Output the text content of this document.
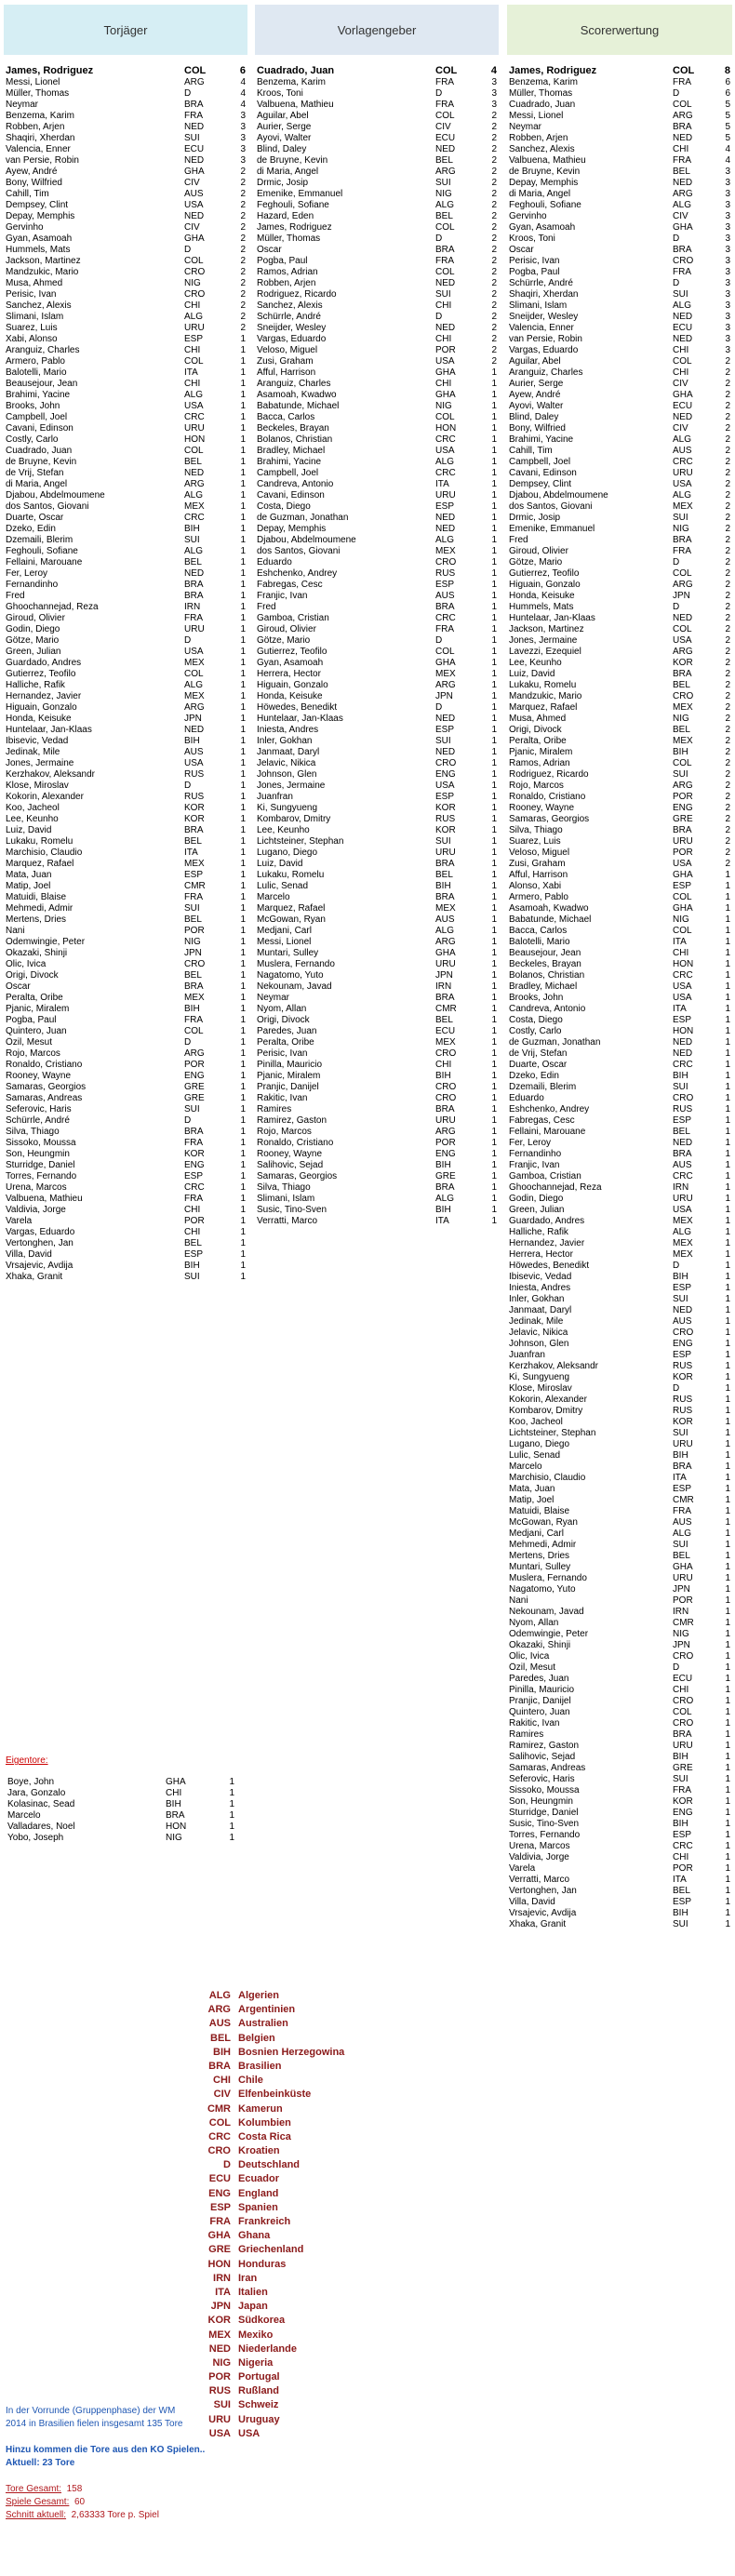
Torjäger
James, Rodriguez	COL	6
Messi, Lionel	ARG	4
Müller, Thomas	D	4
Neymar	BRA	4
Benzema, Karim	FRA	3
Robben, Arjen	NED	3
Shaqiri, Xherdan	SUI	3
Valencia, Enner	ECU	3
van Persie, Robin	NED	3
Ayew, André	GHA	2
Bony, Wilfried	CIV	2
Cahill, Tim	AUS	2
Dempsey, Clint	USA	2
Depay, Memphis	NED	2
Gervinho	CIV	2
Gyan, Asamoah	GHA	2
Hummels, Mats	D	2
Jackson, Martinez	COL	2
Mandzukic, Mario	CRO	2
Musa, Ahmed	NIG	2
Perisic, Ivan	CRO	2
Sanchez, Alexis	CHI	2
Slimani, Islam	ALG	2
Suarez, Luis	URU	2
Xabi, Alonso	ESP	1
Aranguiz, Charles	CHI	1
Armero, Pablo	COL	1
Balotelli, Mario	ITA	1
Beausejour, Jean	CHI	1
Brahimi, Yacine	ALG	1
Brooks, John	USA	1
Campbell, Joel	CRC	1
Cavani, Edinson	URU	1
Costly, Carlo	HON	1
Cuadrado, Juan	COL	1
de Bruyne, Kevin	BEL	1
de Vrij, Stefan	NED	1
di Maria, Angel	ARG	1
Djabou, Abdelmoumene	ALG	1
dos Santos, Giovani	MEX	1
Duarte, Oscar	CRC	1
Dzeko, Edin	BIH	1
Dzemaili, Blerim	SUI	1
Feghouli, Sofiane	ALG	1
Fellaini, Marouane	BEL	1
Fer, Leroy	NED	1
Fernandinho	BRA	1
Fred	BRA	1
Ghoochannejad, Reza	IRN	1
Giroud, Olivier	FRA	1
Godin, Diego	URU	1
Götze, Mario	D	1
Green, Julian	USA	1
Guardado, Andres	MEX	1
Gutierrez, Teofilo	COL	1
Halliche, Rafik	ALG	1
Hernandez, Javier	MEX	1
Higuain, Gonzalo	ARG	1
Honda, Keisuke	JPN	1
Huntelaar, Jan-Klaas	NED	1
Ibisevic, Vedad	BIH	1
Jedinak, Mile	AUS	1
Jones, Jermaine	USA	1
Kerzhakov, Aleksandr	RUS	1
Klose, Miroslav	D	1
Kokorin, Alexander	RUS	1
Koo, Jacheol	KOR	1
Lee, Keunho	KOR	1
Luiz, David	BRA	1
Lukaku, Romelu	BEL	1
Marchisio, Claudio	ITA	1
Marquez, Rafael	MEX	1
Mata, Juan	ESP	1
Matip, Joel	CMR	1
Matuidi, Blaise	FRA	1
Mehmedi, Admir	SUI	1
Mertens, Dries	BEL	1
Nani	POR	1
Odemwingie, Peter	NIG	1
Okazaki, Shinji	JPN	1
Olic, Ivica	CRO	1
Origi, Divock	BEL	1
Oscar	BRA	1
Peralta, Oribe	MEX	1
Pjanic, Miralem	BIH	1
Pogba, Paul	FRA	1
Quintero, Juan	COL	1
Özil, Mesut	D	1
Rojo, Marcos	ARG	1
Ronaldo, Cristiano	POR	1
Rooney, Wayne	ENG	1
Samaras, Georgios	GRE	1
Samaras, Andreas	GRE	1
Seferovic, Haris	SUI	1
Schürrle, André	D	1
Silva, Thiago	BRA	1
Sissoko, Moussa	FRA	1
Son, Heungmin	KOR	1
Sturridge, Daniel	ENG	1
Torres, Fernando	ESP	1
Urena, Marcos	CRC	1
Valbuena, Mathieu	FRA	1
Valdivia, Jorge	CHI	1
Varela	POR	1
Vargas, Eduardo	CHI	1
Vertonghen, Jan	BEL	1
Villa, David	ESP	1
Vrsajevic, Avdija	BIH	1
Xhaka, Granit	SUI	1
Vorlagengeber
Cuadrado, Juan	COL	4
Benzema, Karim	FRA	3
Kroos, Toni	D	3
Valbuena, Mathieu	FRA	3
Aguilar, Abel	COL	2
Aurier, Serge	CIV	2
Ayovi, Walter	ECU	2
Blind, Daley	NED	2
de Bruyne, Kevin	BEL	2
di Maria, Angel	ARG	2
Drmic, Josip	SUI	2
Emenike, Emmanuel	NIG	2
Feghouli, Sofiane	ALG	2
Hazard, Eden	BEL	2
James, Rodriguez	COL	2
Müller, Thomas	D	2
Oscar	BRA	2
Pogba, Paul	FRA	2
Ramos, Adrian	COL	2
Robben, Arjen	NED	2
Rodriguez, Ricardo	SUI	2
Sanchez, Alexis	CHI	2
Schürrle, André	D	2
Sneijder, Wesley	NED	2
Vargas, Eduardo	CHI	2
Veloso, Miguel	POR	2
Zusi, Graham	USA	2
Afful, Harrison	GHA	1
Aranguiz, Charles	CHI	1
Asamoah, Kwadwo	GHA	1
Babatunde, Michael	NIG	1
Bacca, Carlos	COL	1
Beckeles, Brayan	HON	1
Bolanos, Christian	CRC	1
Bradley, Michael	USA	1
Brahimi, Yacine	ALG	1
Campbell, Joel	CRC	1
Candreva, Antonio	ITA	1
Cavani, Edinson	URU	1
Costa, Diego	ESP	1
de Guzman, Jonathan	NED	1
Depay, Memphis	NED	1
Djabou, Abdelmoumene	ALG	1
dos Santos, Giovani	MEX	1
Eduardo	CRO	1
Eshchenko, Andrey	RUS	1
Fabregas, Cesc	ESP	1
Franjic, Ivan	AUS	1
Fred	BRA	1
Gamboa, Cristian	CRC	1
Giroud, Olivier	FRA	1
Götze, Mario	D	1
Gutierrez, Teofilo	COL	1
Gyan, Asamoah	GHA	1
Herrera, Hector	MEX	1
Higuain, Gonzalo	ARG	1
Honda, Keisuke	JPN	1
Höwedes, Benedikt	D	1
Huntelaar, Jan-Klaas	NED	1
Iniesta, Andres	ESP	1
Inler, Gokhan	SUI	1
Janmaat, Daryl	NED	1
Jelavic, Nikica	CRO	1
Johnson, Glen	ENG	1
Jones, Jermaine	USA	1
Juanfran	ESP	1
Ki, Sungyueng	KOR	1
Kombarov, Dmitry	RUS	1
Lee, Keunho	KOR	1
Lichtsteiner, Stephan	SUI	1
Lugano, Diego	URU	1
Luiz, David	BRA	1
Lukaku, Romelu	BEL	1
Lulic, Senad	BIH	1
Marcelo	BRA	1
Marquez, Rafael	MEX	1
McGowan, Ryan	AUS	1
Medjani, Carl	ALG	1
Messi, Lionel	ARG	1
Muntari, Sulley	GHA	1
Muslera, Fernando	URU	1
Nagatomo, Yuto	JPN	1
Nekounam, Javad	IRN	1
Neymar	BRA	1
Nyom, Allan	CMR	1
Origi, Divock	BEL	1
Paredes, Juan	ECU	1
Peralta, Oribe	MEX	1
Perisic, Ivan	CRO	1
Pinilla, Mauricio	CHI	1
Pjanic, Miralem	BIH	1
Pranjic, Danijel	CRO	1
Rakitic, Ivan	CRO	1
Ramires	BRA	1
Ramirez, Gaston	URU	1
Rojo, Marcos	ARG	1
Ronaldo, Cristiano	POR	1
Rooney, Wayne	ENG	1
Salihovic, Sejad	BIH	1
Samaras, Georgios	GRE	1
Silva, Thiago	BRA	1
Slimani, Islam	ALG	1
Susic, Tino-Sven	BIH	1
Verratti, Marco	ITA	1
Scorerwertung
James, Rodriguez	COL	8
Benzema, Karim	FRA	6
Müller, Thomas	D	6
Cuadrado, Juan	COL	5
Messi, Lionel	ARG	5
Neymar	BRA	5
Robben, Arjen	NED	5
Sanchez, Alexis	CHI	4
Valbuena, Mathieu	FRA	4
de Bruyne, Kevin	BEL	3
Depay, Memphis	NED	3
di Maria, Angel	ARG	3
Feghouli, Sofiane	ALG	3
Gervinho	CIV	3
Gyan, Asamoah	GHA	3
Kroos, Toni	D	3
Oscar	BRA	3
Perisic, Ivan	CRO	3
Pogba, Paul	FRA	3
Schürrle, André	D	3
Shaqiri, Xherdan	SUI	3
Slimani, Islam	ALG	3
Sneijder, Wesley	NED	3
Valencia, Enner	ECU	3
van Persie, Robin	NED	3
Vargas, Eduardo	CHI	3
Aguilar, Abel	COL	2
Aranguiz, Charles	CHI	2
Aurier, Serge	CIV	2
Ayew, André	GHA	2
Ayovi, Walter	ECU	2
Blind, Daley	NED	2
Bony, Wilfried	CIV	2
Brahimi, Yacine	ALG	2
Cahill, Tim	AUS	2
Campbell, Joel	CRC	2
Cavani, Edinson	URU	2
Dempsey, Clint	USA	2
Djabou, Abdelmoumene	ALG	2
dos Santos, Giovani	MEX	2
Drmic, Josip	SUI	2
Emenike, Emmanuel	NIG	2
Fred	BRA	2
Giroud, Olivier	FRA	2
Götze, Mario	D	2
Gutierrez, Teofilo	COL	2
Higuain, Gonzalo	ARG	2
Honda, Keisuke	JPN	2
Hummels, Mats	D	2
Huntelaar, Jan-Klaas	NED	2
Jackson, Martinez	COL	2
Jones, Jermaine	USA	2
Lavezzi, Ezequiel	ARG	2
Lee, Keunho	KOR	2
Luiz, David	BRA	2
Lukaku, Romelu	BEL	2
Mandzukic, Mario	CRO	2
Marquez, Rafael	MEX	2
Musa, Ahmed	NIG	2
Origi, Divock	BEL	2
Peralta, Oribe	MEX	2
Pjanic, Miralem	BIH	2
Ramos, Adrian	COL	2
Rodriguez, Ricardo	SUI	2
Rojo, Marcos	ARG	2
Ronaldo, Cristiano	POR	2
Rooney, Wayne	ENG	2
Samaras, Georgios	GRE	2
Silva, Thiago	BRA	2
Suarez, Luis	URU	2
Veloso, Miguel	POR	2
Zusi, Graham	USA	2
Afful, Harrison	GHA	1
Alonso, Xabi	ESP	1
Armero, Pablo	COL	1
Asamoah, Kwadwo	GHA	1
Babatunde, Michael	NIG	1
Bacca, Carlos	COL	1
Balotelli, Mario	ITA	1
Beausejour, Jean	CHI	1
Beckeles, Brayan	HON	1
Bolanos, Christian	CRC	1
Bradley, Michael	USA	1
Brooks, John	USA	1
Candreva, Antonio	ITA	1
Costa, Diego	ESP	1
Costly, Carlo	HON	1
de Guzman, Jonathan	NED	1
de Vrij, Stefan	NED	1
Duarte, Oscar	CRC	1
Dzeko, Edin	BIH	1
Dzemaili, Blerim	SUI	1
Eduardo	CRO	1
Eshchenko, Andrey	RUS	1
Fabregas, Cesc	ESP	1
Fellaini, Marouane	BEL	1
Fer, Leroy	NED	1
Fernandinho	BRA	1
Franjic, Ivan	AUS	1
Gamboa, Cristian	CRC	1
Ghoochannejad, Reza	IRN	1
Godin, Diego	URU	1
Green, Julian	USA	1
Guardado, Andres	MEX	1
Halliche, Rafik	ALG	1
Hernandez, Javier	MEX	1
Herrera, Hector	MEX	1
Höwedes, Benedikt	D	1
Ibisevic, Vedad	BIH	1
Iniesta, Andres	ESP	1
Inler, Gokhan	SUI	1
Janmaat, Daryl	NED	1
Jedinak, Mile	AUS	1
Jelavic, Nikica	CRO	1
Johnson, Glen	ENG	1
Juanfran	ESP	1
Kerzhakov, Aleksandr	RUS	1
Ki, Sungyueng	KOR	1
Klose, Miroslav	D	1
Kokorin, Alexander	RUS	1
Kombarov, Dmitry	RUS	1
Koo, Jacheol	KOR	1
Lichtsteiner, Stephan	SUI	1
Lugano, Diego	URU	1
Lulic, Senad	BIH	1
Marcelo	BRA	1
Marchisio, Claudio	ITA	1
Mata, Juan	ESP	1
Matip, Joel	CMR	1
Matuidi, Blaise	FRA	1
McGowan, Ryan	AUS	1
Medjani, Carl	ALG	1
Mehmedi, Admir	SUI	1
Mertens, Dries	BEL	1
Muntari, Sulley	GHA	1
Muslera, Fernando	URU	1
Nagatomo, Yuto	JPN	1
Nani	POR	1
Nekounam, Javad	IRN	1
Nyom, Allan	CMR	1
Odemwingie, Peter	NIG	1
Okazaki, Shinji	JPN	1
Olic, Ivica	CRO	1
Özil, Mesut	D	1
Paredes, Juan	ECU	1
Pinilla, Mauricio	CHI	1
Pranjic, Danijel	CRO	1
Quintero, Juan	COL	1
Rakitic, Ivan	CRO	1
Ramires	BRA	1
Ramirez, Gaston	URU	1
Salihovic, Sejad	BIH	1
Samaras, Andreas	GRE	1
Seferovic, Haris	SUI	1
Sissoko, Moussa	FRA	1
Son, Heungmin	KOR	1
Sturridge, Daniel	ENG	1
Susic, Tino-Sven	BIH	1
Torres, Fernando	ESP	1
Urena, Marcos	CRC	1
Valdivia, Jorge	CHI	1
Varela	POR	1
Verratti, Marco	ITA	1
Vertonghen, Jan	BEL	1
Villa, David	ESP	1
Vrsajevic, Avdija	BIH	1
Xhaka, Granit	SUI	1
Eigentore:
Boye, John	GHA	1
Jara, Gonzalo	CHI	1
Kolasinac, Sead	BIH	1
Marcelo	BRA	1
Valladares, Noel	HON	1
Yobo, Joseph	NIG	1
ALG Algerien
ARG Argentinien
AUS Australien
BEL Belgien
BIH Bosnien Herzegowina
BRA Brasilien
CHI Chile
CIV Elfenbeinküste
CMR Kamerun
COL Kolumbien
CRC Costa Rica
CRO Kroatien
D Deutschland
ECU Ecuador
ENG England
ESP Spanien
FRA Frankreich
GHA Ghana
GRE Griechenland
HON Honduras
IRN Iran
ITA Italien
JPN Japan
KOR Südkorea
MEX Mexiko
NED Niederlande
NIG Nigeria
POR Portugal
RUS Rußland
SUI Schweiz
URU Uruguay
USA USA

In der Vorrunde (Gruppenphase) der WM

2014 in Brasilien fielen insgesamt 135 Tore

Hinzu kommen die Tore aus den KO Spielen..

Aktuell: 23 Tore

Tore Gesamt: 158

Spiele Gesamt: 60

Schnitt aktuell: 2,63333 Tore p. Spiel
